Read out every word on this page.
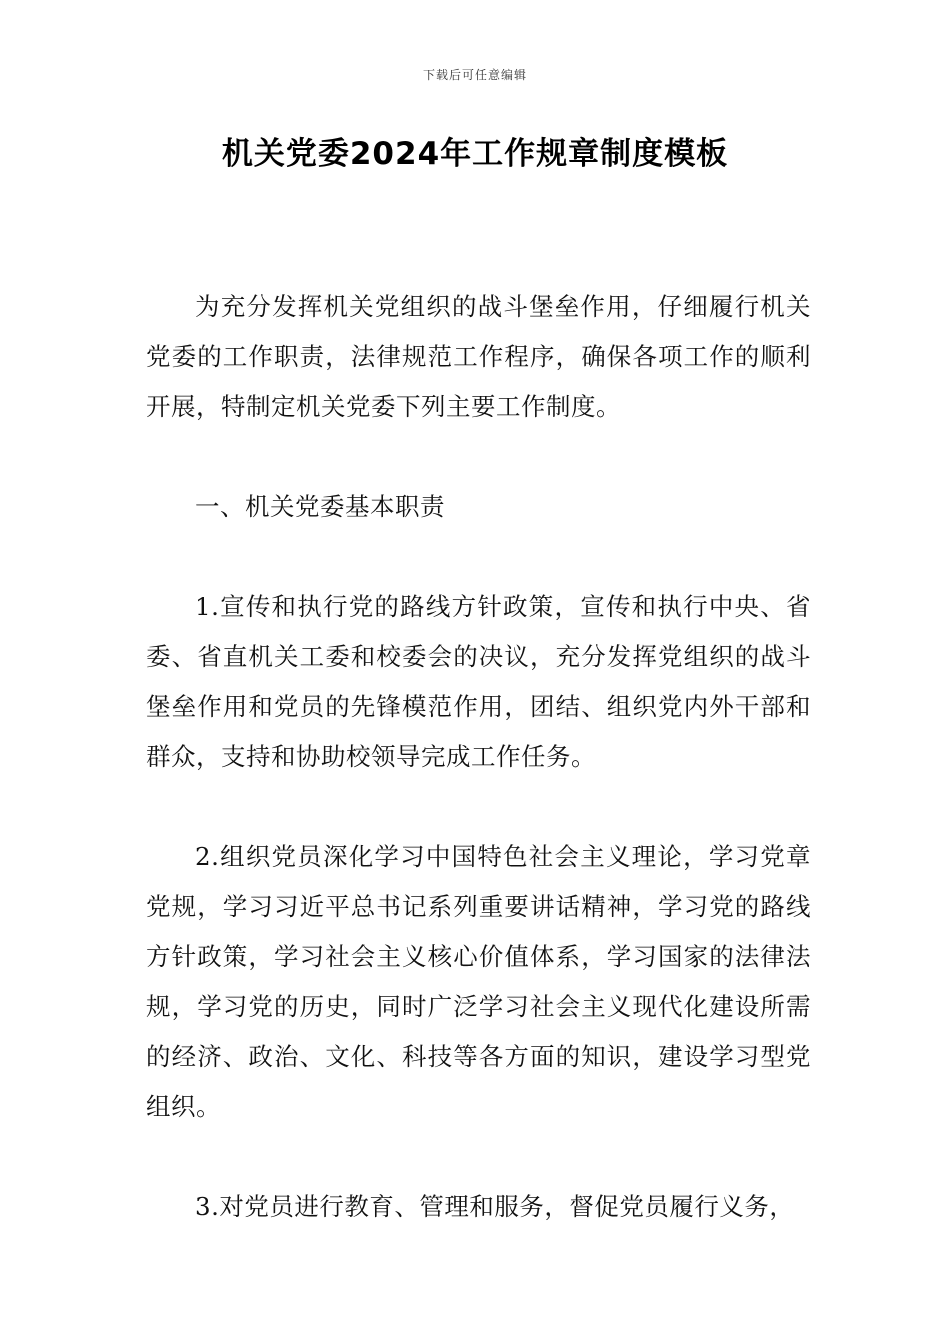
下载后可任意编辑
机关党委2024年工作规章制度模板

为充分发挥机关党组织的战斗堡垒作用，仔细履行机关党委的工作职责，法律规范工作程序，确保各项工作的顺利开展，特制定机关党委下列主要工作制度。

一、机关党委基本职责

1.宣传和执行党的路线方针政策，宣传和执行中央、省委、省直机关工委和校委会的决议，充分发挥党组织的战斗堡垒作用和党员的先锋模范作用，团结、组织党内外干部和群众，支持和协助校领导完成工作任务。

2.组织党员深化学习中国特色社会主义理论，学习党章党规，学习习近平总书记系列重要讲话精神，学习党的路线方针政策，学习社会主义核心价值体系，学习国家的法律法规，学习党的历史，同时广泛学习社会主义现代化建设所需的经济、政治、文化、科技等各方面的知识，建设学习型党组织。

3.对党员进行教育、管理和服务，督促党员履行义务，
